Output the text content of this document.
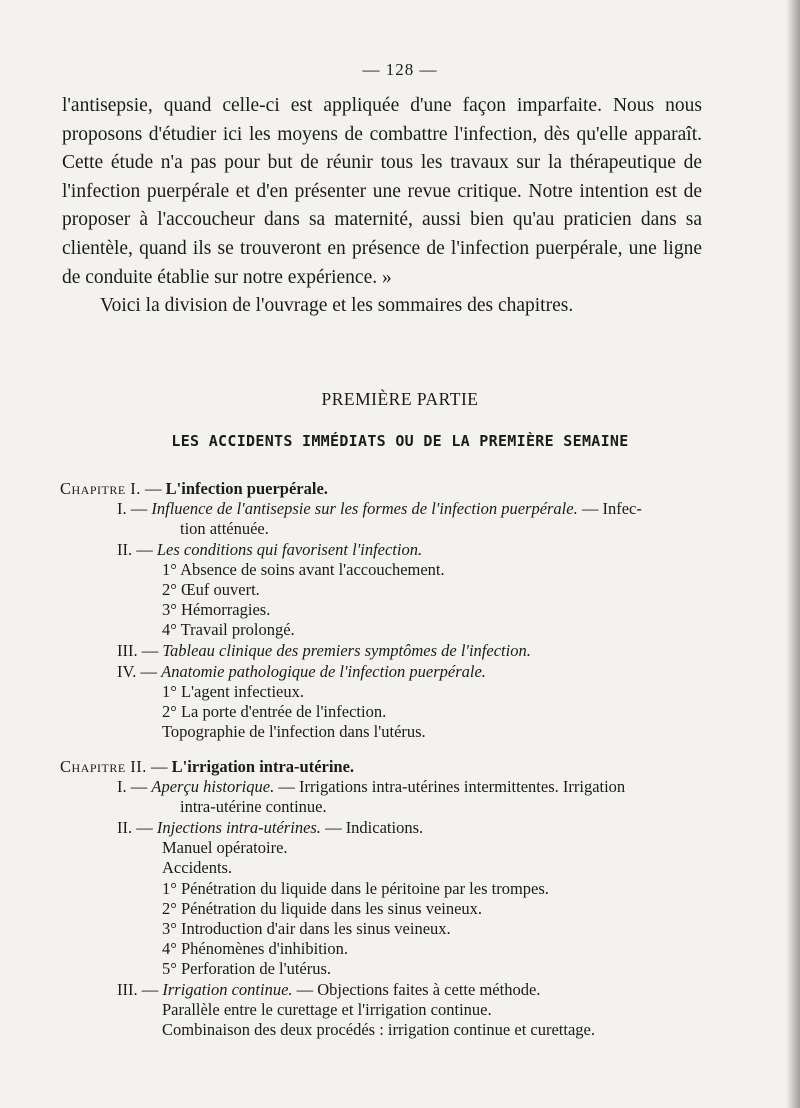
— 128 —

l'antisepsie, quand celle-ci est appliquée d'une façon imparfaite. Nous nous proposons d'étudier ici les moyens de combattre l'infection, dès qu'elle apparaît. Cette étude n'a pas pour but de réunir tous les travaux sur la thérapeutique de l'infection puerpérale et d'en présenter une revue critique. Notre intention est de proposer à l'accoucheur dans sa maternité, aussi bien qu'au praticien dans sa clientèle, quand ils se trouveront en présence de l'infection puerpérale, une ligne de conduite établie sur notre expérience. »

Voici la division de l'ouvrage et les sommaires des chapitres.

PREMIÈRE PARTIE
LES ACCIDENTS IMMÉDIATS OU DE LA PREMIÈRE SEMAINE
Chapitre I. — L'infection puerpérale.
I. — Influence de l'antisepsie sur les formes de l'infection puerpérale. — Infec-
tion atténuée.
II. — Les conditions qui favorisent l'infection.
1° Absence de soins avant l'accouchement.
2° Œuf ouvert.
3° Hémorragies.
4° Travail prolongé.
III. — Tableau clinique des premiers symptômes de l'infection.
IV. — Anatomie pathologique de l'infection puerpérale.
1° L'agent infectieux.
2° La porte d'entrée de l'infection.
Topographie de l'infection dans l'utérus.
Chapitre II. — L'irrigation intra-utérine.
I. — Aperçu historique. — Irrigations intra-utérines intermittentes. Irrigation
intra-utérine continue.
II. — Injections intra-utérines. — Indications.
Manuel opératoire.
Accidents.
1° Pénétration du liquide dans le péritoine par les trompes.
2° Pénétration du liquide dans les sinus veineux.
3° Introduction d'air dans les sinus veineux.
4° Phénomènes d'inhibition.
5° Perforation de l'utérus.
III. — Irrigation continue. — Objections faites à cette méthode.
Parallèle entre le curettage et l'irrigation continue.
Combinaison des deux procédés : irrigation continue et curettage.
